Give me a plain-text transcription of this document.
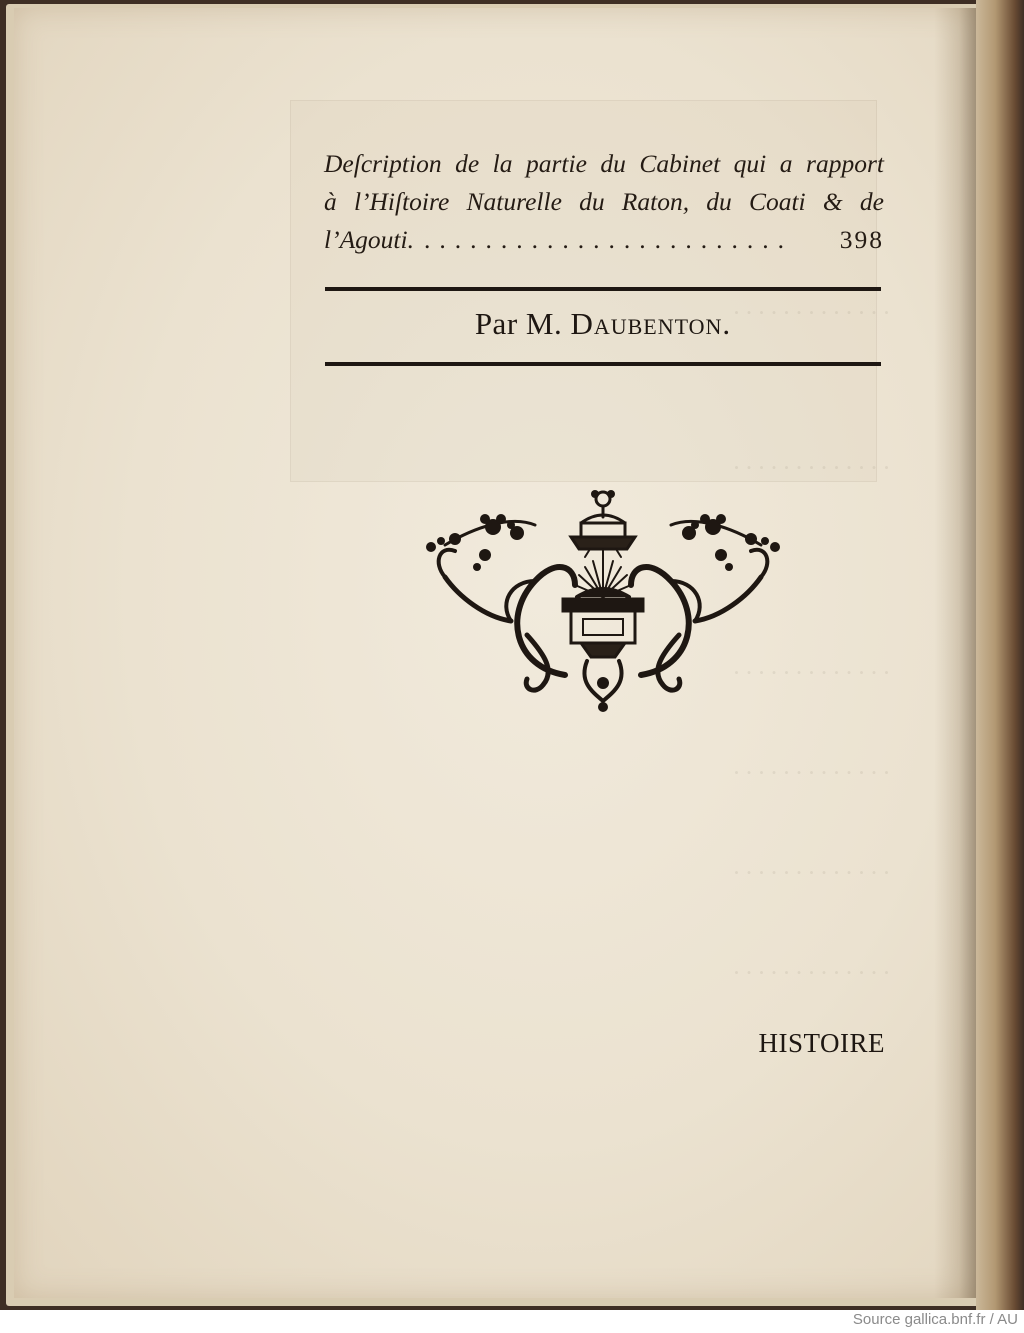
· · · · · · · · · · · · ·
· · · · · · · · · · · · ·
· · · · · · · · · · · · ·
· · · · · · · · · · · · ·
· · · · · · · · · · · · ·
· · · · · · · · · · · · ·
Deſcription de la partie du Cabinet qui a rapport
à l’Hiſtoire Naturelle du Raton, du Coati & de
l’Agouti. ........................	398
Par M. Daubenton.
HISTOIRE
Source gallica.bnf.fr / AU
